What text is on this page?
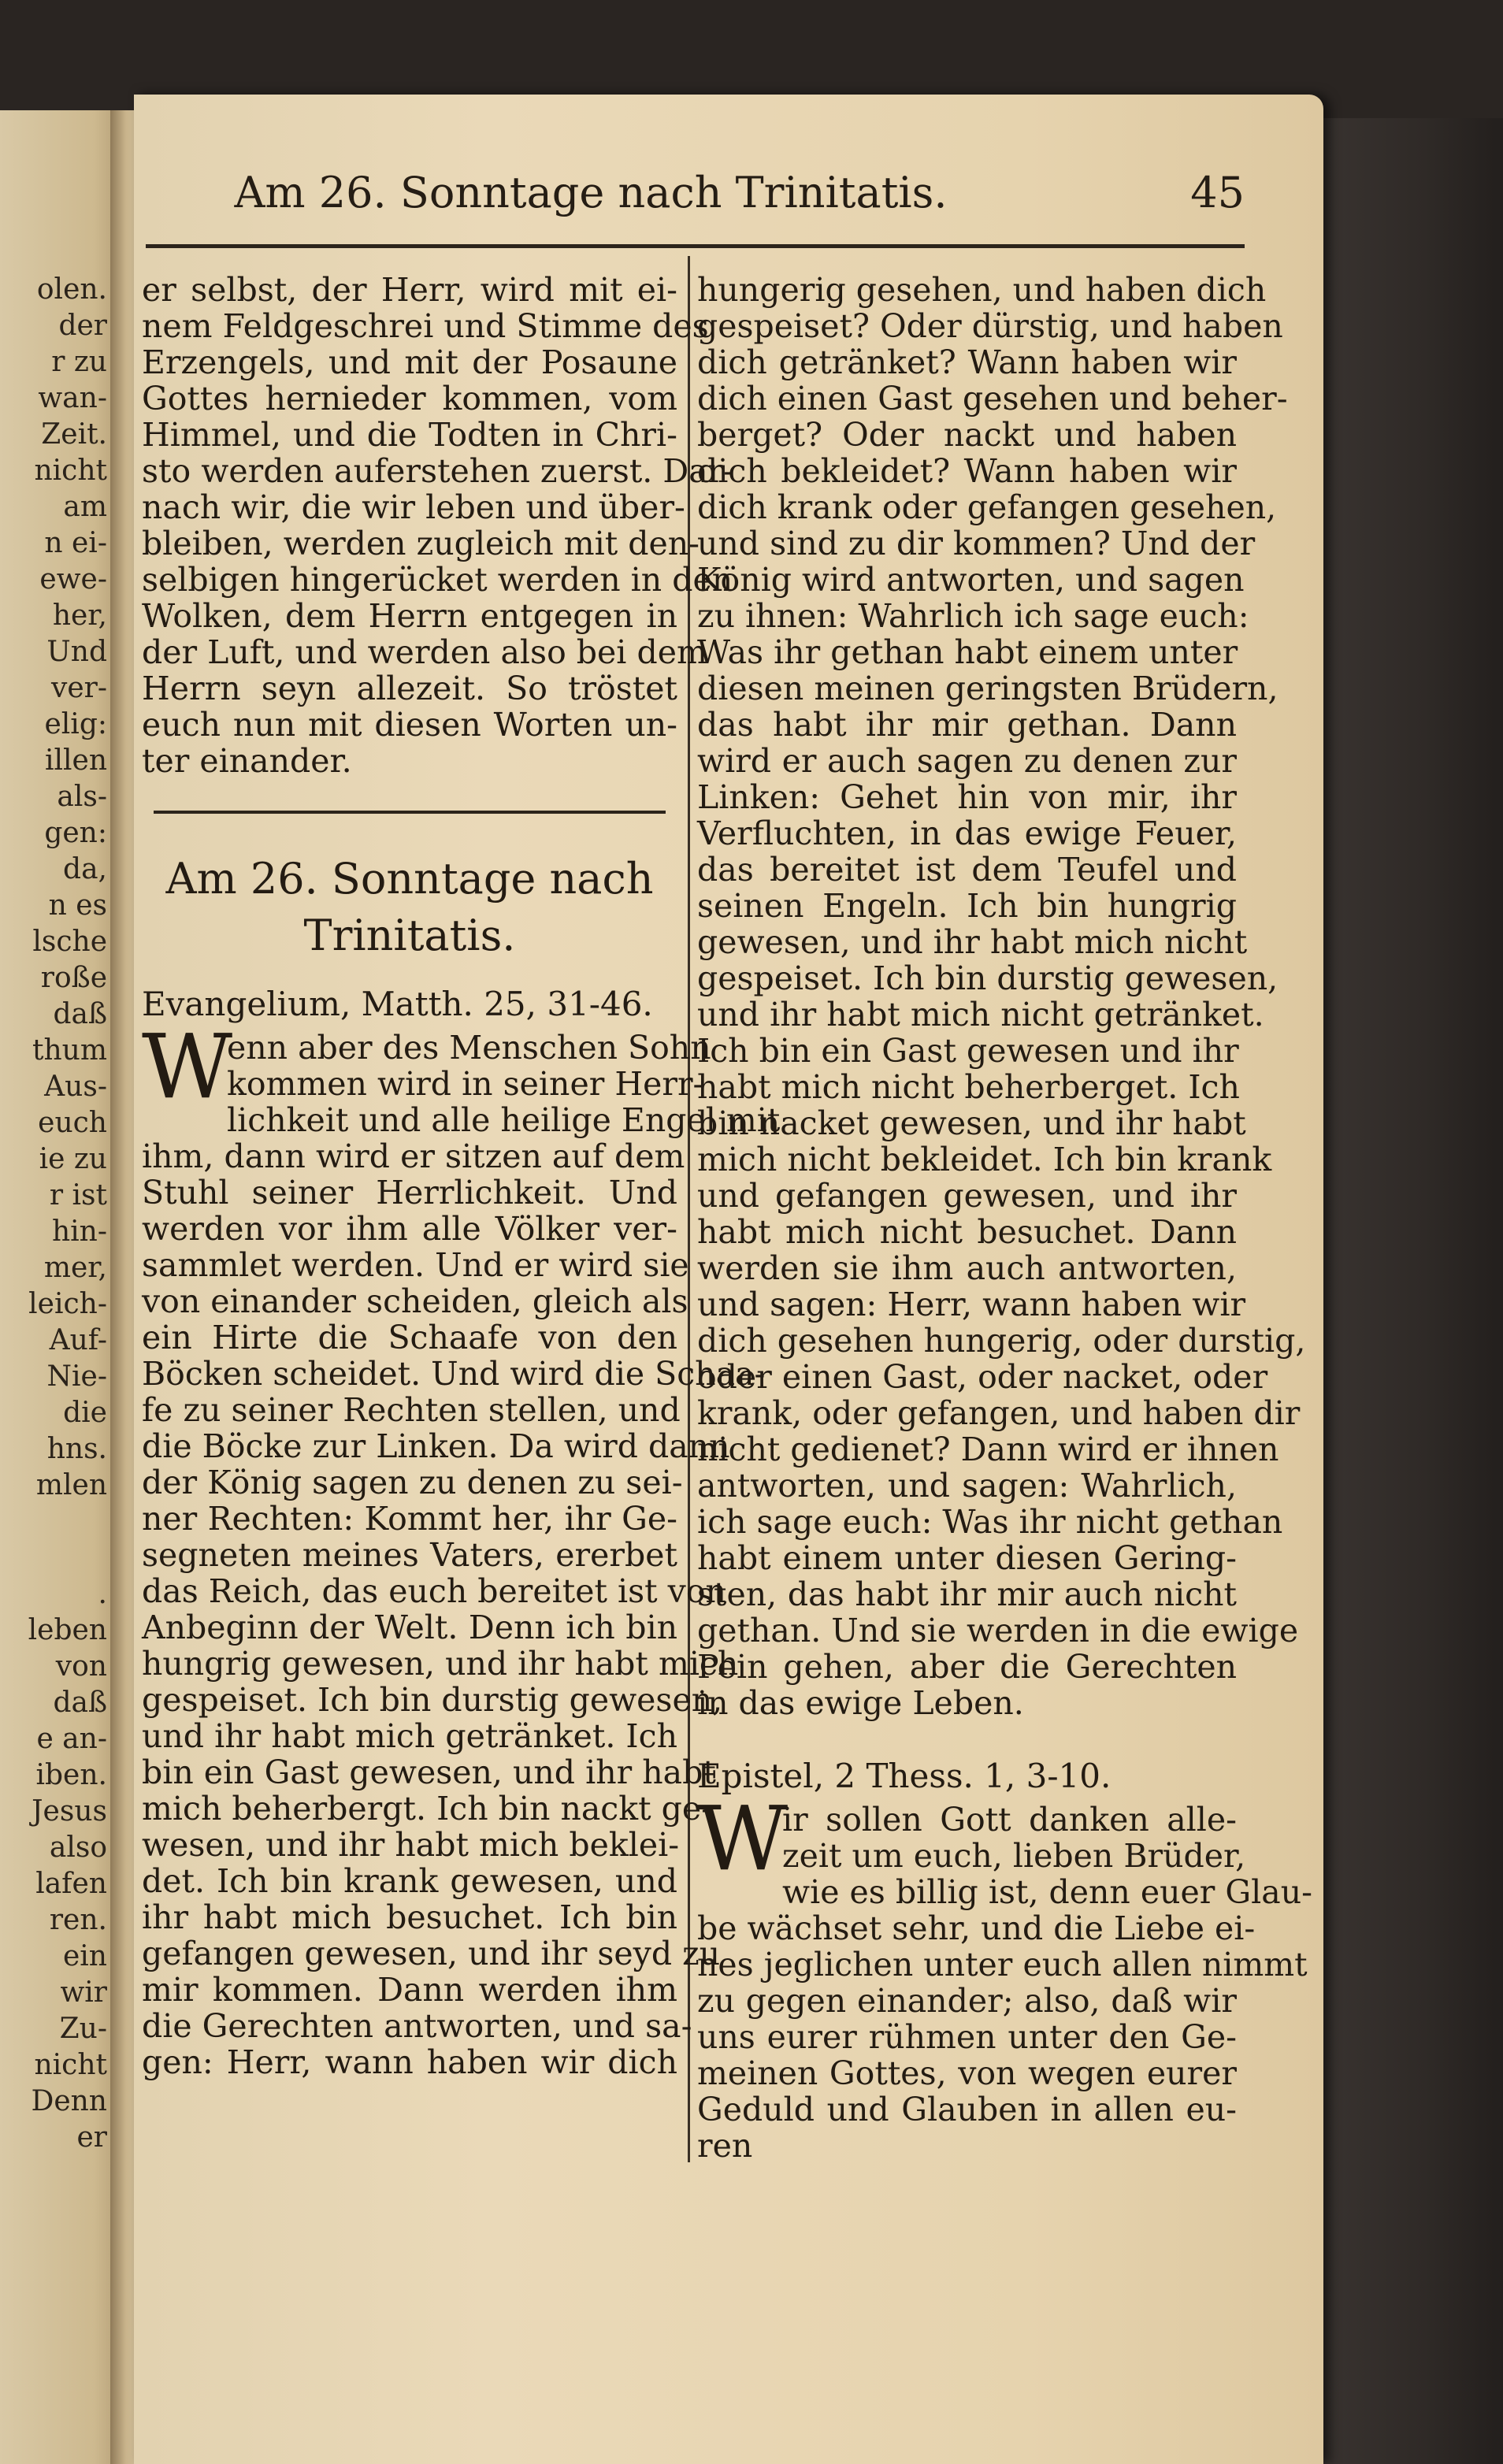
olen.
der
r zu
wan-
Zeit.
nicht
am
n ei-
ewe-
her,
Und
ver-
elig:
illen
als-
gen:
da,
n es
lsche
roße
daß
thum
Aus-
euch
ie zu
r ist
hin-
mer,
leich-
Auf-
Nie-
die
hns.
mlen
.
leben
von
daß
e an-
iben.
Jesus
also
lafen
ren.
ein
wir
Zu-
nicht
Denn
er
Am 26. Sonntage nach Trinitatis.	45
er selbst, der Herr, wird mit ei-
nem Feldgeschrei und Stimme des
Erzengels, und mit der Posaune
Gottes hernieder kommen, vom
Himmel, und die Todten in Chri-
sto werden auferstehen zuerst. Dar-
nach wir, die wir leben und über-
bleiben, werden zugleich mit den-
selbigen hingerücket werden in den
Wolken, dem Herrn entgegen in
der Luft, und werden also bei dem
Herrn seyn allezeit. So tröstet
euch nun mit diesen Worten un-
ter einander.
Am 26. Sonntage nach
Trinitatis.
Evangelium, Matth. 25, 31-46.
W
enn aber des Menschen Sohn
kommen wird in seiner Herr-
lichkeit und alle heilige Engel mit
ihm, dann wird er sitzen auf dem
Stuhl seiner Herrlichkeit. Und
werden vor ihm alle Völker ver-
sammlet werden. Und er wird sie
von einander scheiden, gleich als
ein Hirte die Schaafe von den
Böcken scheidet. Und wird die Schaa-
fe zu seiner Rechten stellen, und
die Böcke zur Linken. Da wird dann
der König sagen zu denen zu sei-
ner Rechten: Kommt her, ihr Ge-
segneten meines Vaters, ererbet
das Reich, das euch bereitet ist von
Anbeginn der Welt. Denn ich bin
hungrig gewesen, und ihr habt mich
gespeiset. Ich bin durstig gewesen,
und ihr habt mich getränket. Ich
bin ein Gast gewesen, und ihr habt
mich beherbergt. Ich bin nackt ge-
wesen, und ihr habt mich beklei-
det. Ich bin krank gewesen, und
ihr habt mich besuchet. Ich bin
gefangen gewesen, und ihr seyd zu
mir kommen. Dann werden ihm
die Gerechten antworten, und sa-
gen: Herr, wann haben wir dich
hungerig gesehen, und haben dich
gespeiset? Oder dürstig, und haben
dich getränket? Wann haben wir
dich einen Gast gesehen und beher-
berget? Oder nackt und haben
dich bekleidet? Wann haben wir
dich krank oder gefangen gesehen,
und sind zu dir kommen? Und der
König wird antworten, und sagen
zu ihnen: Wahrlich ich sage euch:
Was ihr gethan habt einem unter
diesen meinen geringsten Brüdern,
das habt ihr mir gethan. Dann
wird er auch sagen zu denen zur
Linken: Gehet hin von mir, ihr
Verfluchten, in das ewige Feuer,
das bereitet ist dem Teufel und
seinen Engeln. Ich bin hungrig
gewesen, und ihr habt mich nicht
gespeiset. Ich bin durstig gewesen,
und ihr habt mich nicht getränket.
Ich bin ein Gast gewesen und ihr
habt mich nicht beherberget. Ich
bin nacket gewesen, und ihr habt
mich nicht bekleidet. Ich bin krank
und gefangen gewesen, und ihr
habt mich nicht besuchet. Dann
werden sie ihm auch antworten,
und sagen: Herr, wann haben wir
dich gesehen hungerig, oder durstig,
oder einen Gast, oder nacket, oder
krank, oder gefangen, und haben dir
nicht gedienet? Dann wird er ihnen
antworten, und sagen: Wahrlich,
ich sage euch: Was ihr nicht gethan
habt einem unter diesen Gering-
sten, das habt ihr mir auch nicht
gethan. Und sie werden in die ewige
Pein gehen, aber die Gerechten
in das ewige Leben.
Epistel, 2 Thess. 1, 3-10.
W
ir sollen Gott danken alle-
zeit um euch, lieben Brüder,
wie es billig ist, denn euer Glau-
be wächset sehr, und die Liebe ei-
nes jeglichen unter euch allen nimmt
zu gegen einander; also, daß wir
uns eurer rühmen unter den Ge-
meinen Gottes, von wegen eurer
Geduld und Glauben in allen eu-
ren
